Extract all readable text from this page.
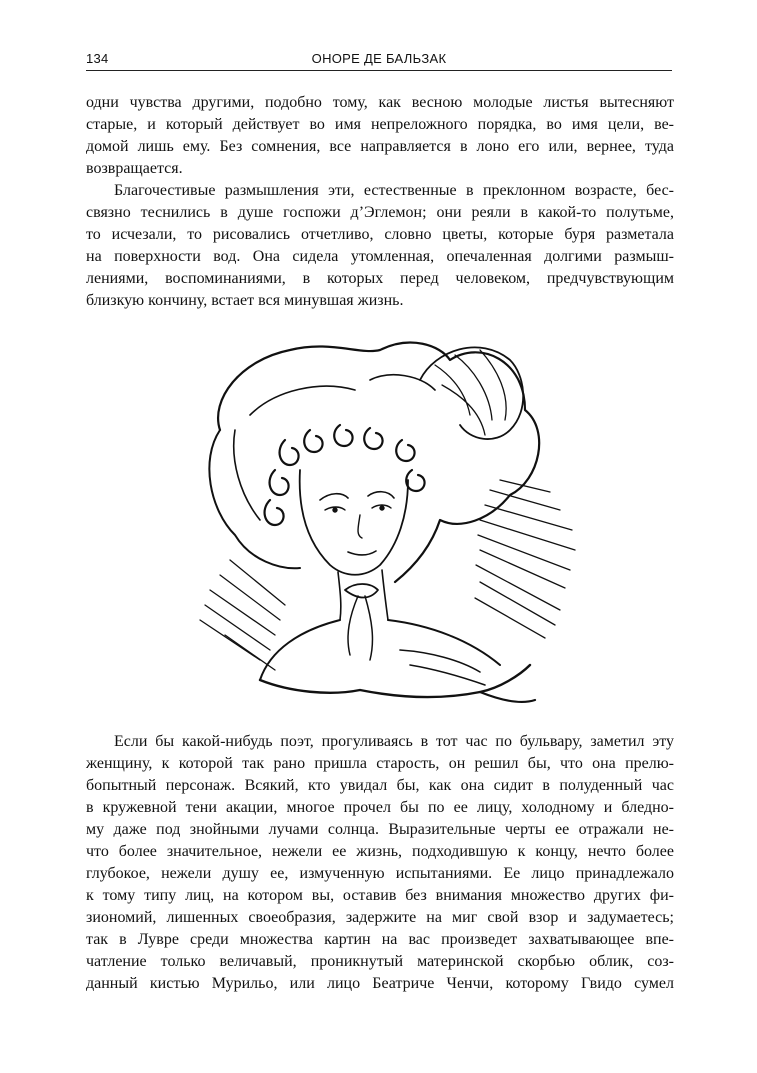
134	ОНОРЕ ДЕ БАЛЬЗАК
одни чувства другими, подобно тому, как весною молодые листья вытесняют
старые, и который действует во имя непреложного порядка, во имя цели, ве-
домой лишь ему. Без сомнения, все направляется в лоно его или, вернее, туда
возвращается.
Благочестивые размышления эти, естественные в преклонном возрасте, бес-
связно теснились в душе госпожи д’Эглемон; они реяли в какой-то полутьме,
то исчезали, то рисовались отчетливо, словно цветы, которые буря разметала
на поверхности вод. Она сидела утомленная, опечаленная долгими размыш-
лениями, воспоминаниями, в которых перед человеком, предчувствующим
близкую кончину, встает вся минувшая жизнь.
Если бы какой-нибудь поэт, прогуливаясь в тот час по бульвару, заметил эту
женщину, к которой так рано пришла старость, он решил бы, что она прелю-
бопытный персонаж. Всякий, кто увидал бы, как она сидит в полуденный час
в кружевной тени акации, многое прочел бы по ее лицу, холодному и бледно-
му даже под знойными лучами солнца. Выразительные черты ее отражали не-
что более значительное, нежели ее жизнь, подходившую к концу, нечто более
глубокое, нежели душу ее, измученную испытаниями. Ее лицо принадлежало
к тому типу лиц, на котором вы, оставив без внимания множество других фи-
зиономий, лишенных своеобразия, задержите на миг свой взор и задумаетесь;
так в Лувре среди множества картин на вас произведет захватывающее впе-
чатление только величавый, проникнутый материнской скорбью облик, соз-
данный кистью Мурильо, или лицо Беатриче Ченчи, которому Гвидо сумел
